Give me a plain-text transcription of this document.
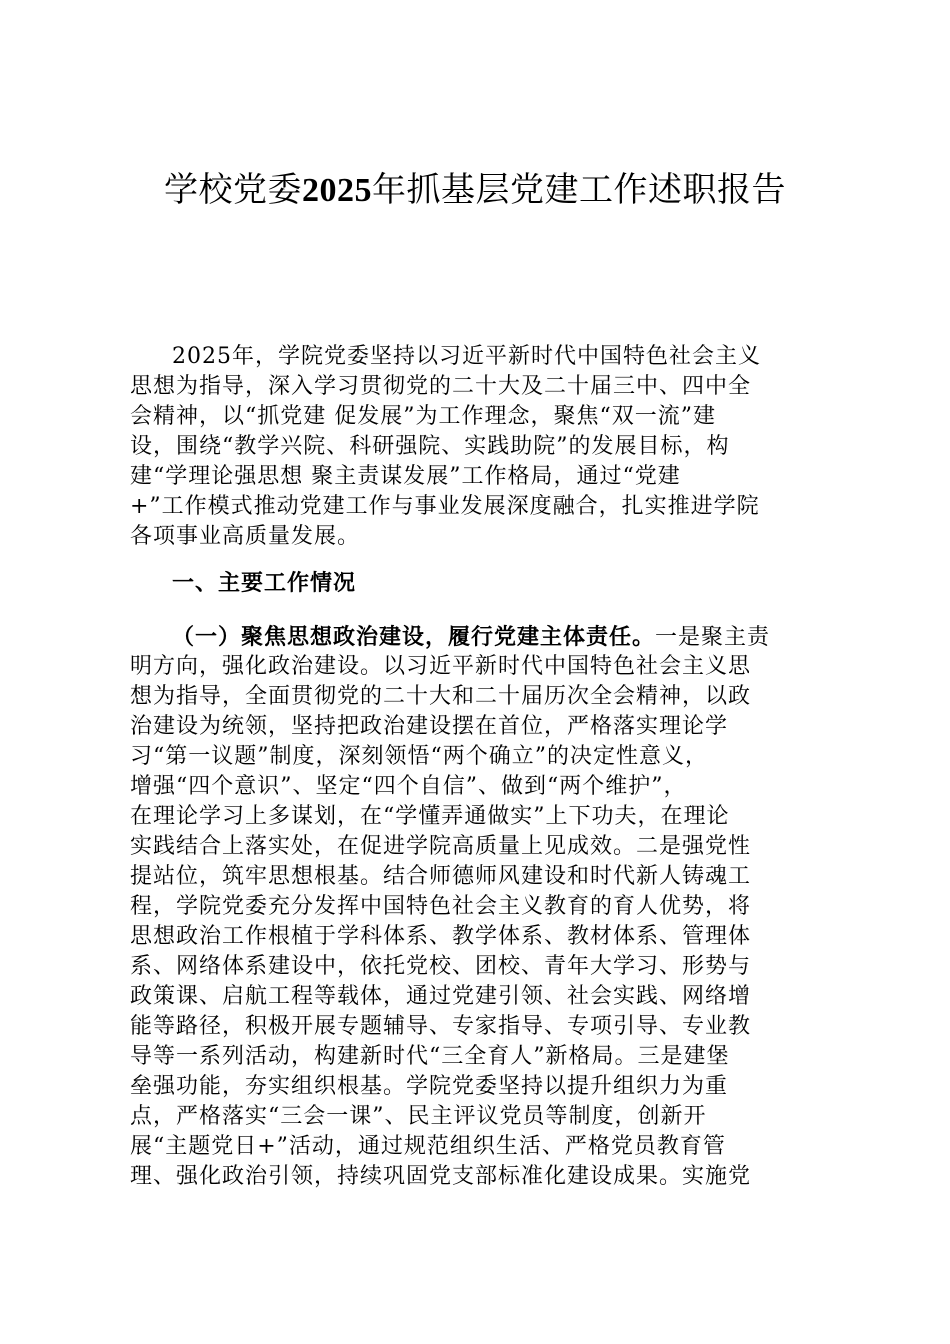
学校党委2025年抓基层党建工作述职报告
2025年，学院党委坚持以习近平新时代中国特色社会主义
思想为指导，深入学习贯彻党的二十大及二十届三中、四中全
会精神，以“抓党建 促发展”为工作理念，聚焦“双一流”建
设，围绕“教学兴院、科研强院、实践助院”的发展目标，构
建“学理论强思想 聚主责谋发展”工作格局，通过“党建
+”工作模式推动党建工作与事业发展深度融合，扎实推进学院
各项事业高质量发展。
一、主要工作情况
（一）聚焦思想政治建设，履行党建主体责任。一是聚主责
明方向，强化政治建设。以习近平新时代中国特色社会主义思
想为指导，全面贯彻党的二十大和二十届历次全会精神，以政
治建设为统领，坚持把政治建设摆在首位，严格落实理论学
习“第一议题”制度，深刻领悟“两个确立”的决定性意义，
增强“四个意识”、坚定“四个自信”、做到“两个维护”，
在理论学习上多谋划，在“学懂弄通做实”上下功夫，在理论
实践结合上落实处，在促进学院高质量上见成效。二是强党性
提站位，筑牢思想根基。结合师德师风建设和时代新人铸魂工
程，学院党委充分发挥中国特色社会主义教育的育人优势，将
思想政治工作根植于学科体系、教学体系、教材体系、管理体
系、网络体系建设中，依托党校、团校、青年大学习、形势与
政策课、启航工程等载体，通过党建引领、社会实践、网络增
能等路径，积极开展专题辅导、专家指导、专项引导、专业教
导等一系列活动，构建新时代“三全育人”新格局。三是建堡
垒强功能，夯实组织根基。学院党委坚持以提升组织力为重
点，严格落实“三会一课”、民主评议党员等制度，创新开
展“主题党日+”活动，通过规范组织生活、严格党员教育管
理、强化政治引领，持续巩固党支部标准化建设成果。实施党
